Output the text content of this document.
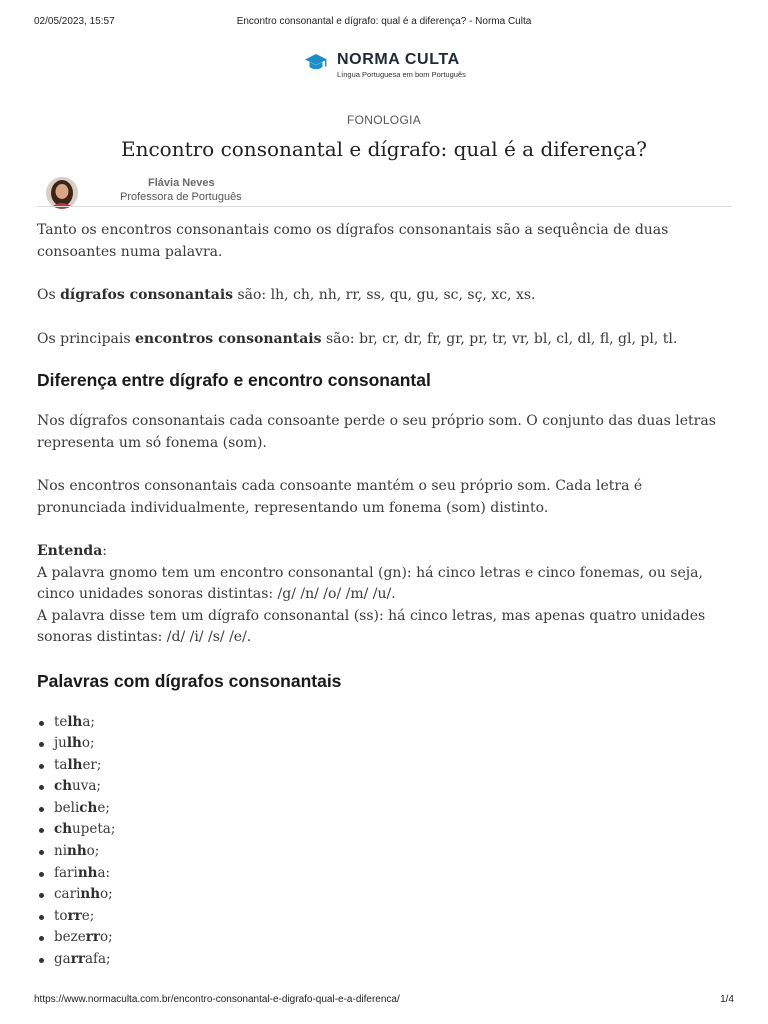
02/05/2023, 15:57	Encontro consonantal e dígrafo: qual é a diferença? - Norma Culta
NORMA CULTA
Língua Portuguesa em bom Português
FONOLOGIA
Encontro consonantal e dígrafo: qual é a diferença?
Flávia Neves
Professora de Português

Tanto os encontros consonantais como os dígrafos consonantais são a sequência de duas consoantes numa palavra.

Os dígrafos consonantais são: lh, ch, nh, rr, ss, qu, gu, sc, sç, xc, xs.

Os principais encontros consonantais são: br, cr, dr, fr, gr, pr, tr, vr, bl, cl, dl, fl, gl, pl, tl.

Diferença entre dígrafo e encontro consonantal

Nos dígrafos consonantais cada consoante perde o seu próprio som. O conjunto das duas letras representa um só fonema (som).

Nos encontros consonantais cada consoante mantém o seu próprio som. Cada letra é pronunciada individualmente, representando um fonema (som) distinto.

Entenda:

A palavra gnomo tem um encontro consonantal (gn): há cinco letras e cinco fonemas, ou seja, cinco unidades sonoras distintas: /g/ /n/ /o/ /m/ /u/.

A palavra disse tem um dígrafo consonantal (ss): há cinco letras, mas apenas quatro unidades sonoras distintas: /d/ /i/ /s/ /e/.

Palavras com dígrafos consonantais
telha;
julho;
talher;
chuva;
beliche;
chupeta;
ninho;
farinha:
carinho;
torre;
bezerro;
garrafa;
https://www.normaculta.com.br/encontro-consonantal-e-digrafo-qual-e-a-diferenca/	1/4
